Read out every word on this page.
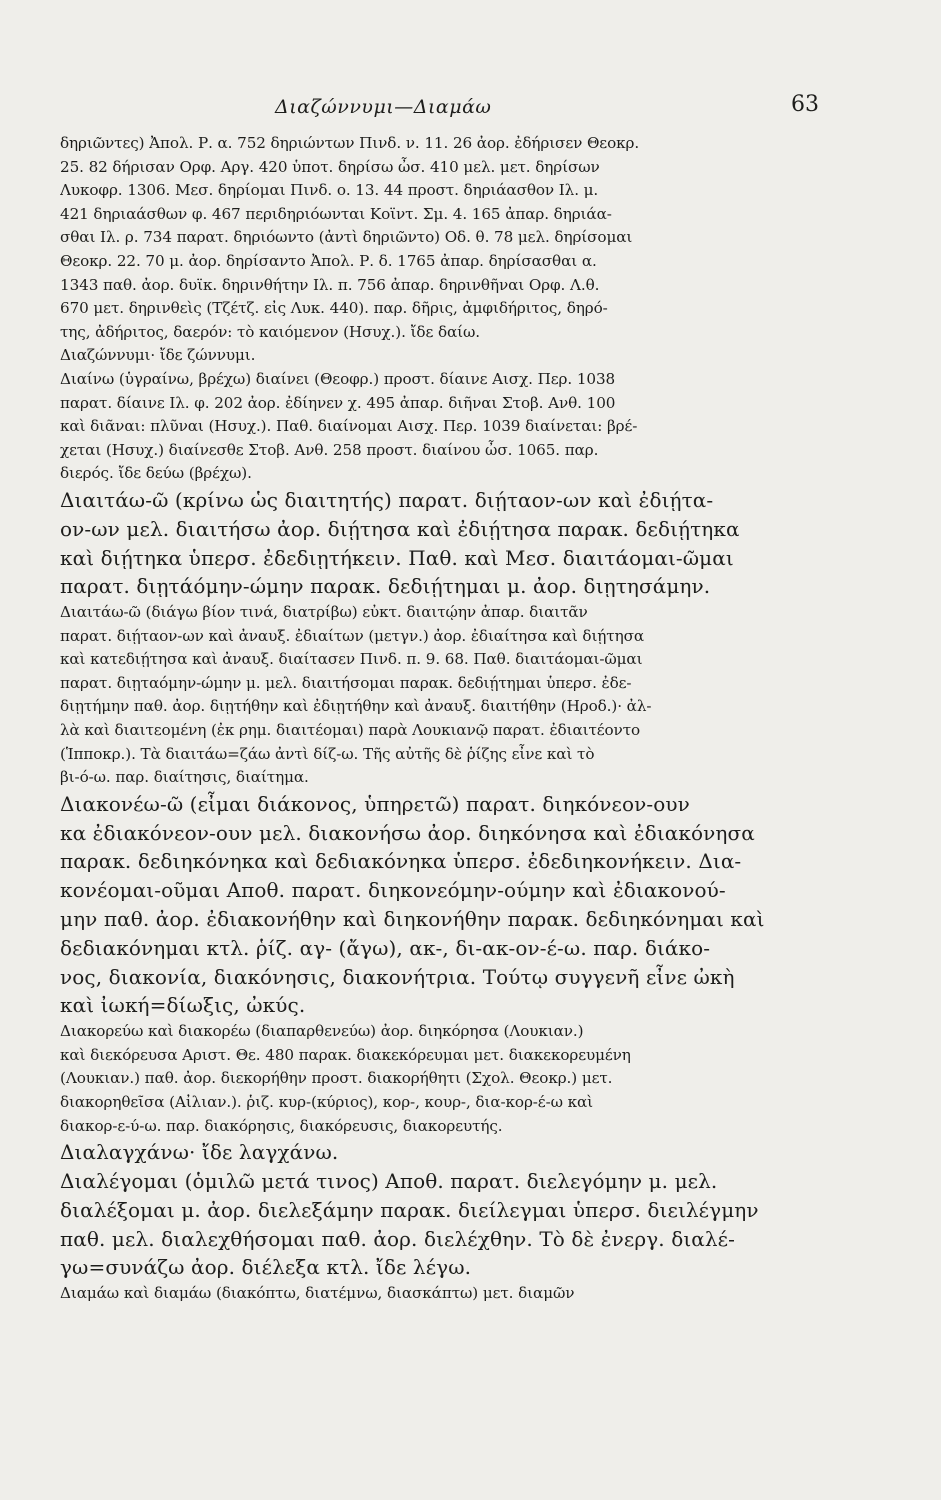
Διαζώννυμι—Διαμάω	63
δηριῶντες) Ἀπολ. Ρ. α. 752 δηριώντων Πινδ. ν. 11. 26 ἀορ. ἐδήρισεν Θεοκρ.
25. 82 δήρισαν Ορφ. Αργ. 420 ὑποτ. δηρίσω ὦσ. 410 μελ. μετ. δηρίσων
Λυκοφρ. 1306. Μεσ. δηρίομαι Πινδ. ο. 13. 44 προστ. δηριάασθον Ιλ. μ.
421 δηριαάσθων φ. 467 περιδηριόωνται Κοϊντ. Σμ. 4. 165 ἀπαρ. δηριάα-
σθαι Ιλ. ρ. 734 παρατ. δηριόωντο (ἀντὶ δηριῶντο) Οδ. θ. 78 μελ. δηρίσομαι
Θεοκρ. 22. 70 μ. ἀορ. δηρίσαντο Ἀπολ. Ρ. δ. 1765 ἀπαρ. δηρίσασθαι α.
1343 παθ. ἀορ. δυϊκ. δηρινθήτην Ιλ. π. 756 ἀπαρ. δηρινθῆναι Ορφ. Λ.θ.
670 μετ. δηρινθεὶς (Τζέτζ. εἰς Λυκ. 440). παρ. δῆρις, ἀμφιδήριτος, δηρό-
της, ἀδήριτος, δαερόν: τὸ καιόμενον (Ησυχ.). ἴδε δαίω.
Διαζώννυμι· ἴδε ζώννυμι.
Διαίνω (ὑγραίνω, βρέχω) διαίνει (Θεοφρ.) προστ. δίαινε Αισχ. Περ. 1038
παρατ. δίαινε Ιλ. φ. 202 ἀορ. ἐδίηνεν χ. 495 ἀπαρ. διῆναι Στοβ. Ανθ. 100
καὶ διᾶναι: πλῦναι (Ησυχ.). Παθ. διαίνομαι Αισχ. Περ. 1039 διαίνεται: βρέ-
χεται (Ησυχ.) διαίνεσθε Στοβ. Ανθ. 258 προστ. διαίνου ὦσ. 1065. παρ.
διερός. ἴδε δεύω (βρέχω).
Διαιτάω-ῶ (κρίνω ὡς διαιτητής) παρατ. διῄταον-ων καὶ ἐδιῄτα-
ον-ων μελ. διαιτήσω ἀορ. διῄτησα καὶ ἐδιῄτησα παρακ. δεδιῄτηκα
καὶ διῄτηκα ὑπερσ. ἐδεδιῃτήκειν. Παθ. καὶ Μεσ. διαιτάομαι-ῶμαι
παρατ. διῃτάόμην-ώμην παρακ. δεδιῄτημαι μ. ἀορ. διῃτησάμην.
Διαιτάω-ῶ (διάγω βίον τινά, διατρίβω) εὐκτ. διαιτῴην ἀπαρ. διαιτᾶν
παρατ. διῄταον-ων καὶ ἀναυξ. ἐδιαίτων (μετγν.) ἀορ. ἐδιαίτησα καὶ διῄτησα
καὶ κατεδιῄτησα καὶ ἀναυξ. διαίτασεν Πινδ. π. 9. 68. Παθ. διαιτάομαι-ῶμαι
παρατ. διῃταόμην-ώμην μ. μελ. διαιτήσομαι παρακ. δεδιῄτημαι ὑπερσ. ἐδε-
διῃτήμην παθ. ἀορ. διῃτήθην καὶ ἐδιῃτήθην καὶ ἀναυξ. διαιτήθην (Ηροδ.)· ἀλ-
λὰ καὶ διαιτεομένη (ἐκ ρημ. διαιτέομαι) παρὰ Λουκιανῷ παρατ. ἐδιαιτέοντο
(Ἱπποκρ.). Τὰ διαιτάω=ζάω ἀντὶ δίζ-ω. Τῆς αὐτῆς δὲ ῥίζης εἶνε καὶ τὸ
βι-ό-ω. παρ. διαίτησις, διαίτημα.
Διακονέω-ῶ (εἶμαι διάκονος, ὑπηρετῶ) παρατ. διηκόνεον-ουν
κα ἐδιακόνεον-ουν μελ. διακονήσω ἀορ. διηκόνησα καὶ ἐδιακόνησα
παρακ. δεδιηκόνηκα καὶ δεδιακόνηκα ὑπερσ. ἐδεδιηκονήκειν. Δια-
κονέομαι-οῦμαι Αποθ. παρατ. διηκονεόμην-ούμην καὶ ἐδιακονού-
μην παθ. ἀορ. ἐδιακονήθην καὶ διηκονήθην παρακ. δεδιηκόνημαι καὶ
δεδιακόνημαι κτλ. ῥίζ. αγ- (ἄγω), ακ-, δι-ακ-ον-έ-ω. παρ. διάκο-
νος, διακονία, διακόνησις, διακονήτρια. Τούτῳ συγγενῆ εἶνε ὠκὴ
καὶ ἰωκή=δίωξις, ὠκύς.
Διακορεύω καὶ διακορέω (διαπαρθενεύω) ἀορ. διηκόρησα (Λουκιαν.)
καὶ διεκόρευσα Αριστ. Θε. 480 παρακ. διακεκόρευμαι μετ. διακεκορευμένη
(Λουκιαν.) παθ. ἀορ. διεκορήθην προστ. διακορήθητι (Σχολ. Θεοκρ.) μετ.
διακορηθεῖσα (Αἰλιαν.). ῥιζ. κυρ-(κύριος), κορ-, κουρ-, δια-κορ-έ-ω καὶ
διακορ-ε-ύ-ω. παρ. διακόρησις, διακόρευσις, διακορευτής.
Διαλαγχάνω· ἴδε λαγχάνω.
Διαλέγομαι (ὁμιλῶ μετά τινος) Αποθ. παρατ. διελεγόμην μ. μελ.
διαλέξομαι μ. ἀορ. διελεξάμην παρακ. διείλεγμαι ὑπερσ. διειλέγμην
παθ. μελ. διαλεχθήσομαι παθ. ἀορ. διελέχθην. Τὸ δὲ ἐνεργ. διαλέ-
γω=συνάζω ἀορ. διέλεξα κτλ. ἴδε λέγω.
Διαμάω καὶ διαμάω (διακόπτω, διατέμνω, διασκάπτω) μετ. διαμῶν
